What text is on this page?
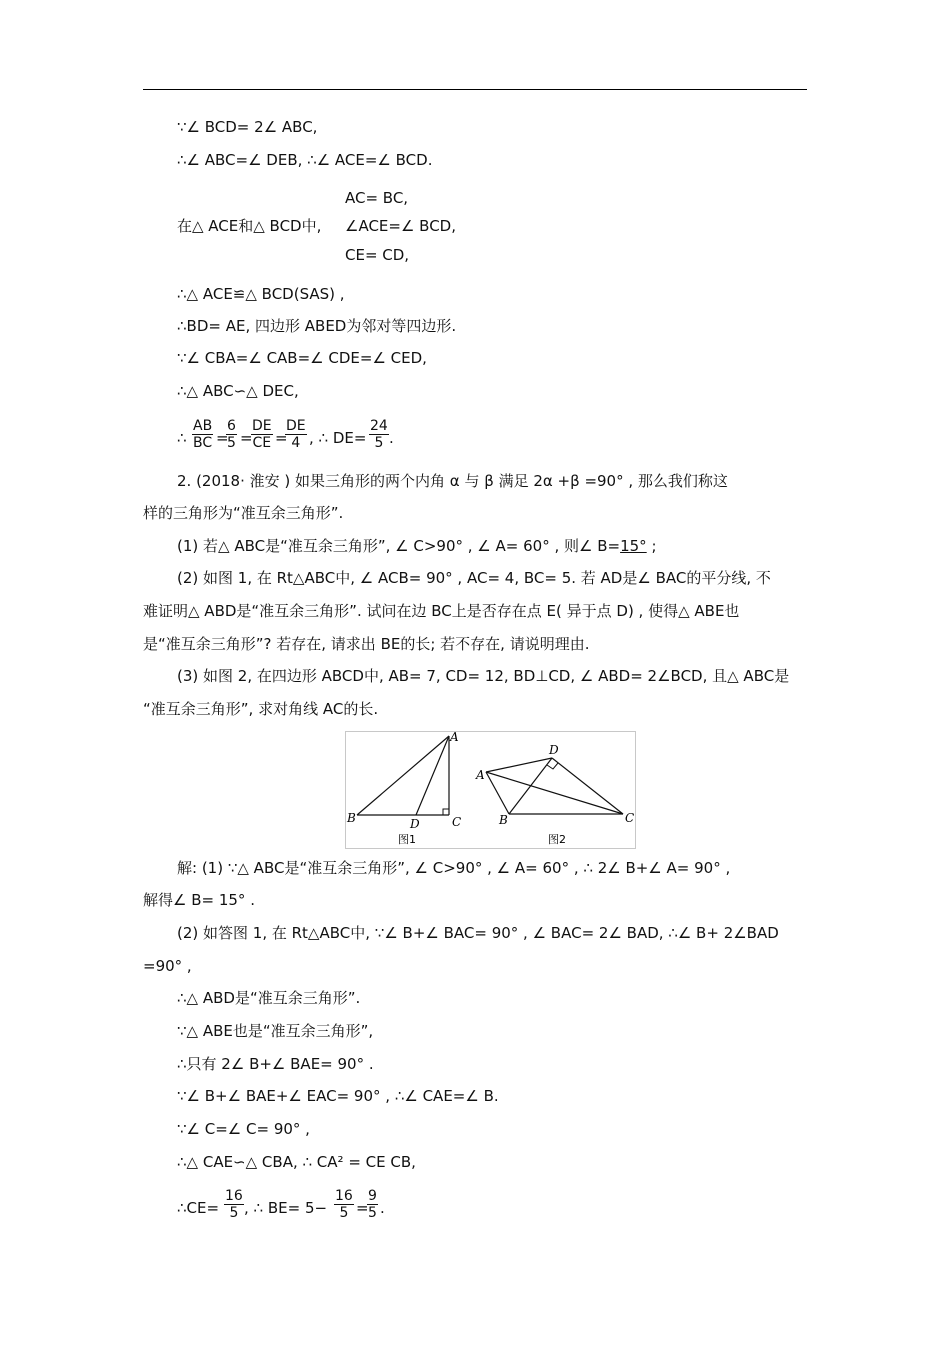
∵∠ BCD= 2∠ ABC,
∴∠ ABC=∠ DEB, ∴∠ ACE=∠ BCD.
AC= BC,
在△ ACE和△ BCD中, ∠ACE=∠ BCD,
CE= CD,
∴△ ACE≌△ BCD(SAS) ,
∴BD= AE, 四边形 ABED为邻对等四边形.
∵∠ CBA=∠ CAB=∠ CDE=∠ CED,
∴△ ABC∽△ DEC,
∴ $\frac{AB}{BC}$ =
$\frac{6}{5}$ =
$\frac{DE}{CE}$ =
$\frac{DE}{4}$ , ∴ $DE= \frac{24}{5}$ .
2. (2018· 淮安 ) 如果三角形的两个内角 α 与 β 满足 2α +β =90° , 那么我们称这
样的三角形为“准互余三角形”.
(1) 若△ ABC是“准互余三角形”, ∠ C>90° , ∠ A= 60° , 则∠ B=15° ;
(2) 如图 1, 在 Rt△ABC中, ∠ ACB= 90° , AC= 4, BC= 5. 若 AD是∠ BAC的平分线, 不
难证明△ ABD是“准互余三角形”. 试问在边 BC上是否存在点 E( 异于点 D) , 使得△ ABE也
是“准互余三角形”? 若存在, 请求出 BE的长; 若不存在, 请说明理由.
(3) 如图 2, 在四边形 ABCD中, AB= 7, CD= 12, BD⊥CD, ∠ ABD= 2∠BCD, 且△ ABC是
“准互余三角形”, 求对角线 AC的长.
A
B	C
D
图1
A
B	C
D
图2
解: (1) ∵△ ABC是“准互余三角形”, ∠ C>90° , ∠ A= 60° , ∴ 2∠ B+∠ A= 90° ,
解得∠ B= 15° .
(2) 如答图 1, 在 Rt△ABC中, ∵∠ B+∠ BAC= 90° , ∠ BAC= 2∠ BAD, ∴∠ B+ 2∠BAD
=90° ,
∴△ ABD是“准互余三角形”.
∵△ ABE也是“准互余三角形”,
∴只有 2∠ B+∠ BAE= 90° .
∵∠ B+∠ BAE+∠ EAC= 90° , ∴∠ CAE=∠ B.
∵∠ C=∠ C= 90° ,
∴△ CAE∽△ CBA, ∴ CA² = CE CB,
∴CE= $\frac{16}{5}$ , ∴ $BE= 5- \frac{16}{5}$ =
$\frac{9}{5}$ .
